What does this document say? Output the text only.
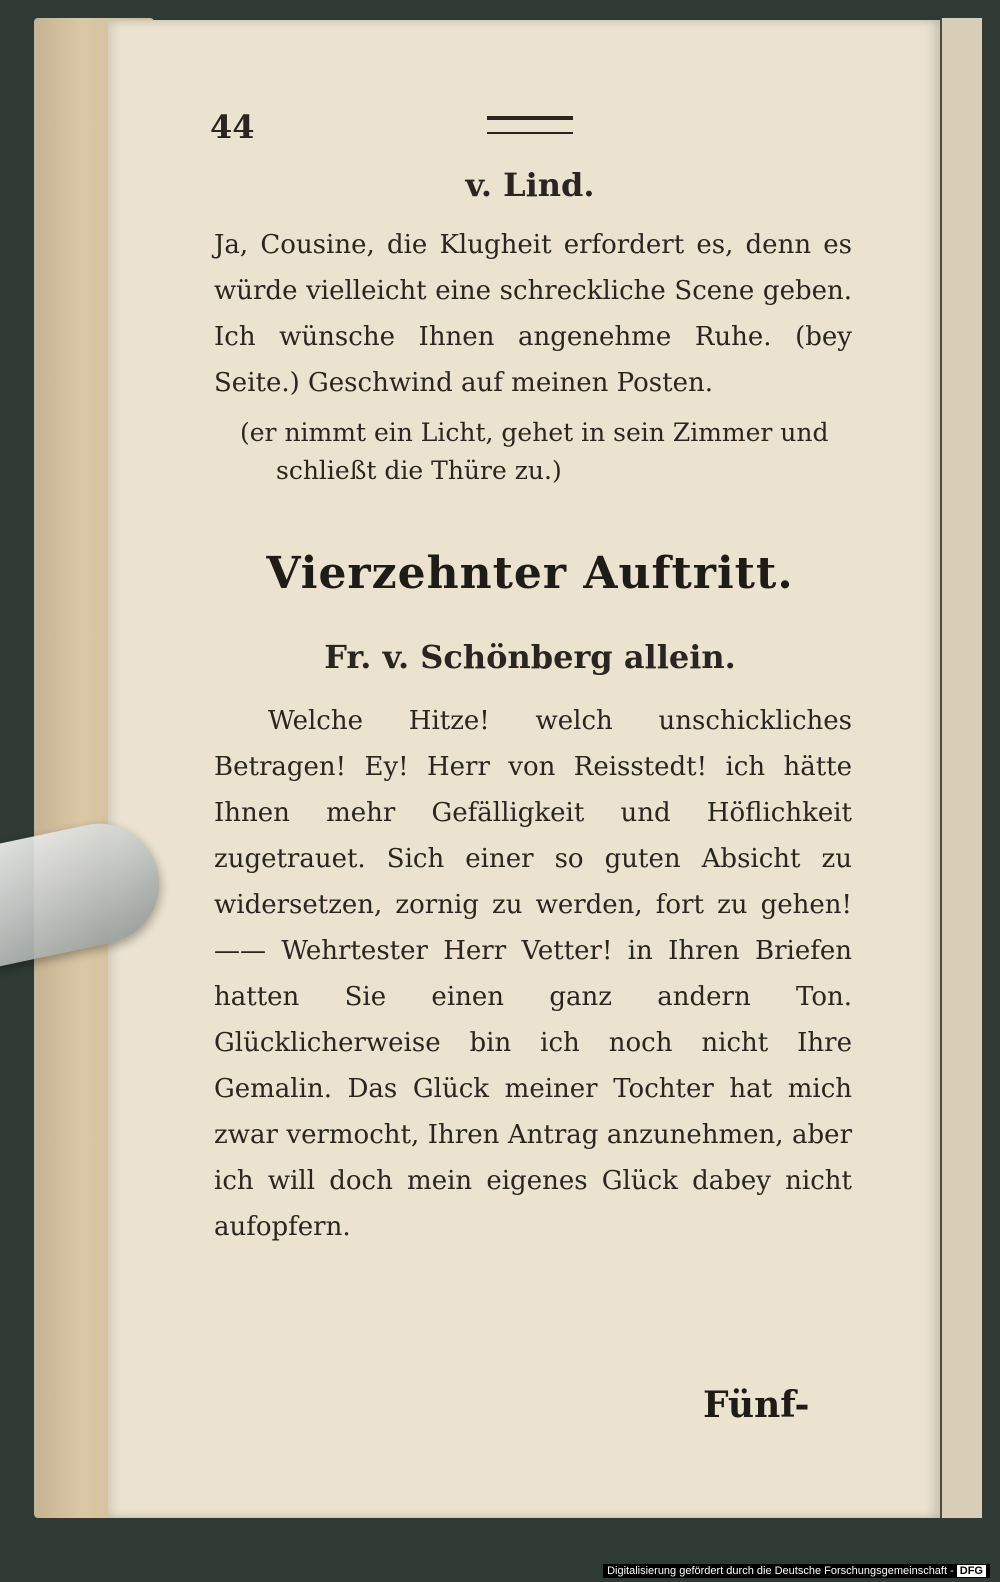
44
v. Lind.
Ja, Cousine, die Klugheit erfordert es, denn es würde vielleicht eine schreckliche Scene geben. Ich wünsche Ihnen angenehme Ruhe. (bey Seite.) Geschwind auf meinen Posten.
(er nimmt ein Licht, gehet in sein Zimmer und schließt die Thüre zu.)
Vierzehnter Auftritt.
Fr. v. Schönberg allein.
Welche Hitze! welch unschickliches Betragen! Ey! Herr von Reisstedt! ich hätte Ihnen mehr Gefälligkeit und Höflichkeit zugetrauet. Sich einer so guten Absicht zu widersetzen, zornig zu werden, fort zu gehen! —— Wehrtester Herr Vetter! in Ihren Briefen hatten Sie einen ganz andern Ton. Glücklicherweise bin ich noch nicht Ihre Gemalin. Das Glück meiner Tochter hat mich zwar vermocht, Ihren Antrag anzunehmen, aber ich will doch mein eigenes Glück dabey nicht aufopfern.
Fünf-
Digitalisierung gefördert durch die Deutsche Forschungsgemeinschaft - DFG
